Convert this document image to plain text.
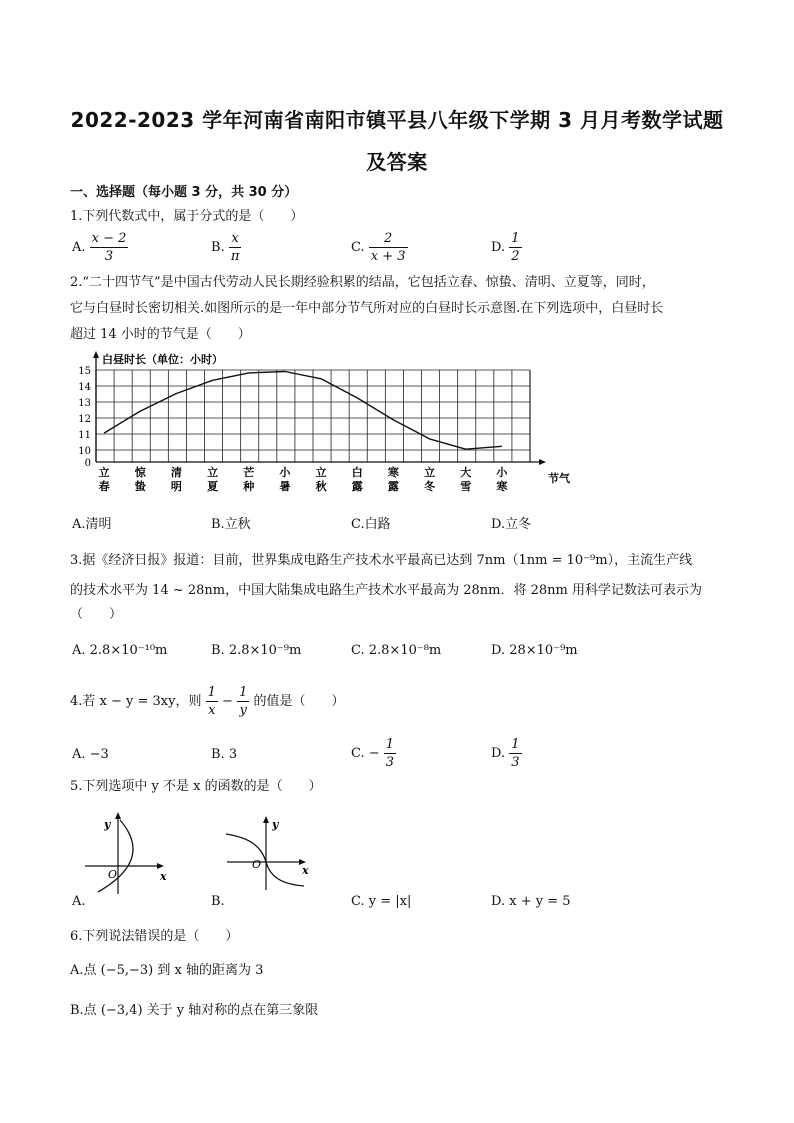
2022-2023 学年河南省南阳市镇平县八年级下学期 3 月月考数学试题
及答案
一、选择题（每小题 3 分，共 30 分）
1.下列代数式中，属于分式的是（　　）
A. $\frac{x - 2}{3}$	B. $\frac{x}{\pi}$	C. $\frac{2}{x + 3}$	D. $\frac{1}{2}$
2.“二十四节气”是中国古代劳动人民长期经验积累的结晶，它包括立春、惊蛰、清明、立夏等，同时，
它与白昼时长密切相关.如图所示的是一年中部分节气所对应的白昼时长示意图.在下列选项中，白昼时长
超过 14 小时的节气是（　　）
白昼时长（单位：小时）
15
14
13
12
11
10
0
立
春
惊
蛰
清
明
立
夏
芒
种
小
暑
立
秋
白
露
寒
露
立
冬
大
雪
小
寒
节气
A.清明	B.立秋	C.白路	D.立冬
3.据《经济日报》报道：目前，世界集成电路生产技术水平最高已达到 7nm（1nm = 10⁻⁹m），主流生产线
的技术水平为 14 ~ 28nm，中国大陆集成电路生产技术水平最高为 28nm．将 28nm 用科学记数法可表示为
（　　）
A. 2.8×10⁻¹⁰m	B. 2.8×10⁻⁹m	C. 2.8×10⁻⁸m	D. 28×10⁻⁹m
4.若 x − y = 3xy，则 $\frac{1}{x} - \frac{1}{y}$ 的值是（　　）
A. −3	B. 3	C. − $\frac{1}{3}$	D. $\frac{1}{3}$
5.下列选项中 y 不是 x 的函数的是（　　）
y
x
O
y
x
O
A.	B.	C. y = |x|	D. x + y = 5
6.下列说法错误的是（　　）
A.点 (−5,−3) 到 x 轴的距离为 3
B.点 (−3,4) 关于 y 轴对称的点在第三象限
